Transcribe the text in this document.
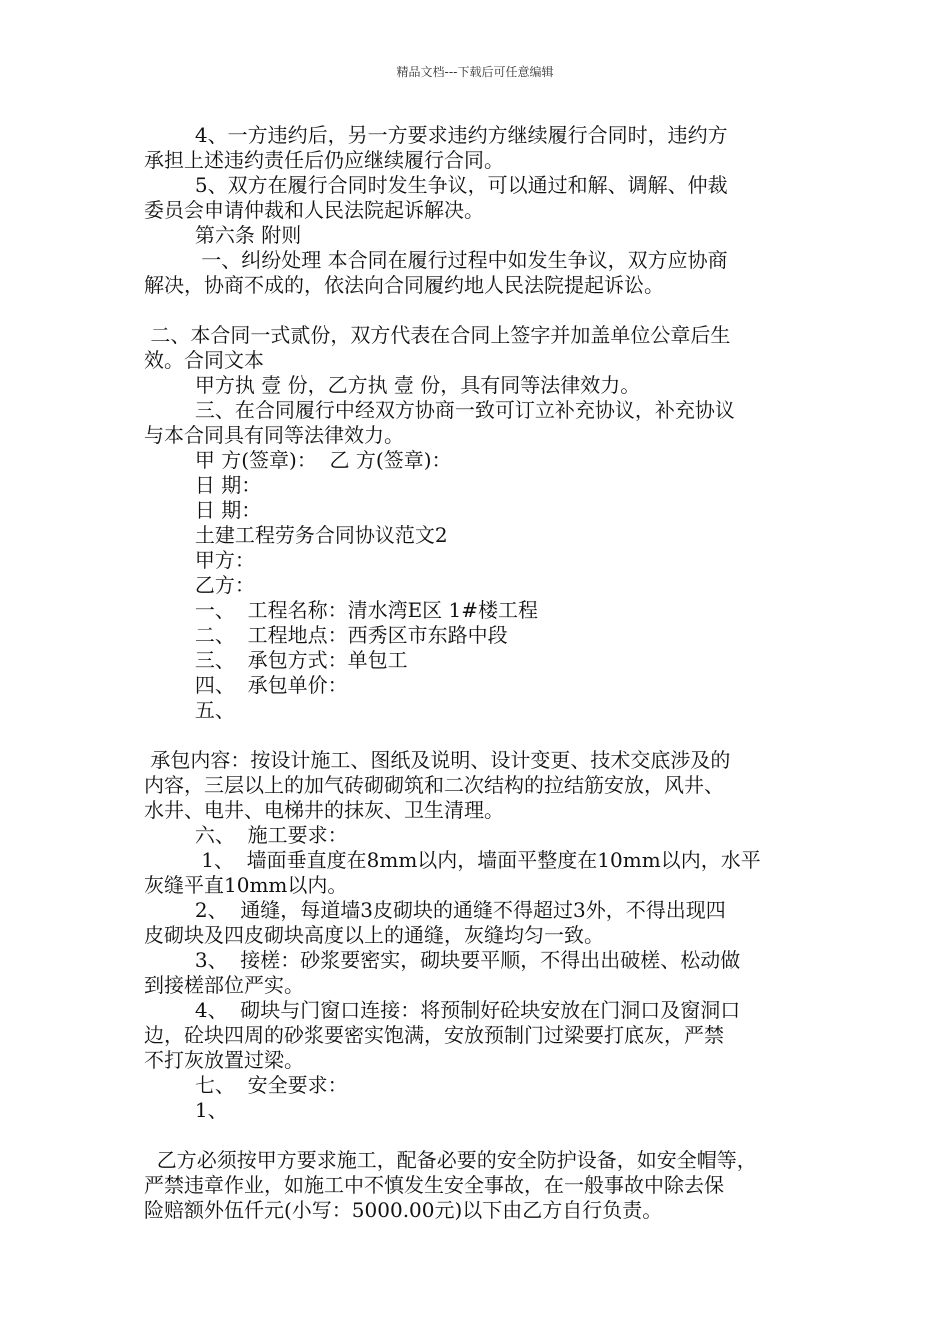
精品文档---下载后可任意编辑

4、一方违约后，另一方要求违约方继续履行合同时，违约方

承担上述违约责任后仍应继续履行合同。

5、双方在履行合同时发生争议，可以通过和解、调解、仲裁

委员会申请仲裁和人民法院起诉解决。

第六条 附则

一、纠纷处理 本合同在履行过程中如发生争议，双方应协商

解决，协商不成的，依法向合同履约地人民法院提起诉讼。

二、本合同一式贰份，双方代表在合同上签字并加盖单位公章后生

效。合同文本

甲方执 壹 份，乙方执 壹 份，具有同等法律效力。

三、在合同履行中经双方协商一致可订立补充协议，补充协议

与本合同具有同等法律效力。

甲 方(签章)：  乙 方(签章)：

日 期：

日 期：

土建工程劳务合同协议范文2

甲方：

乙方：

一、  工程名称：清水湾E区 1#楼工程

二、  工程地点：西秀区市东路中段

三、  承包方式：单包工

四、  承包单价：

五、

承包内容：按设计施工、图纸及说明、设计变更、技术交底涉及的

内容，三层以上的加气砖砌砌筑和二次结构的拉结筋安放，风井、

水井、电井、电梯井的抹灰、卫生清理。

六、  施工要求：

1、  墙面垂直度在8mm以内，墙面平整度在10mm以内，水平

灰缝平直10mm以内。

2、  通缝，每道墙3皮砌块的通缝不得超过3外，不得出现四

皮砌块及四皮砌块高度以上的通缝，灰缝均匀一致。

3、  接槎：砂浆要密实，砌块要平顺，不得出出破槎、松动做

到接槎部位严实。

4、  砌块与门窗口连接：将预制好砼块安放在门洞口及窗洞口

边，砼块四周的砂浆要密实饱满，安放预制门过梁要打底灰，严禁

不打灰放置过梁。

七、  安全要求：

1、

乙方必须按甲方要求施工，配备必要的安全防护设备，如安全帽等，

严禁违章作业，如施工中不慎发生安全事故，在一般事故中除去保

险赔额外伍仟元(小写：5000.00元)以下由乙方自行负责。
